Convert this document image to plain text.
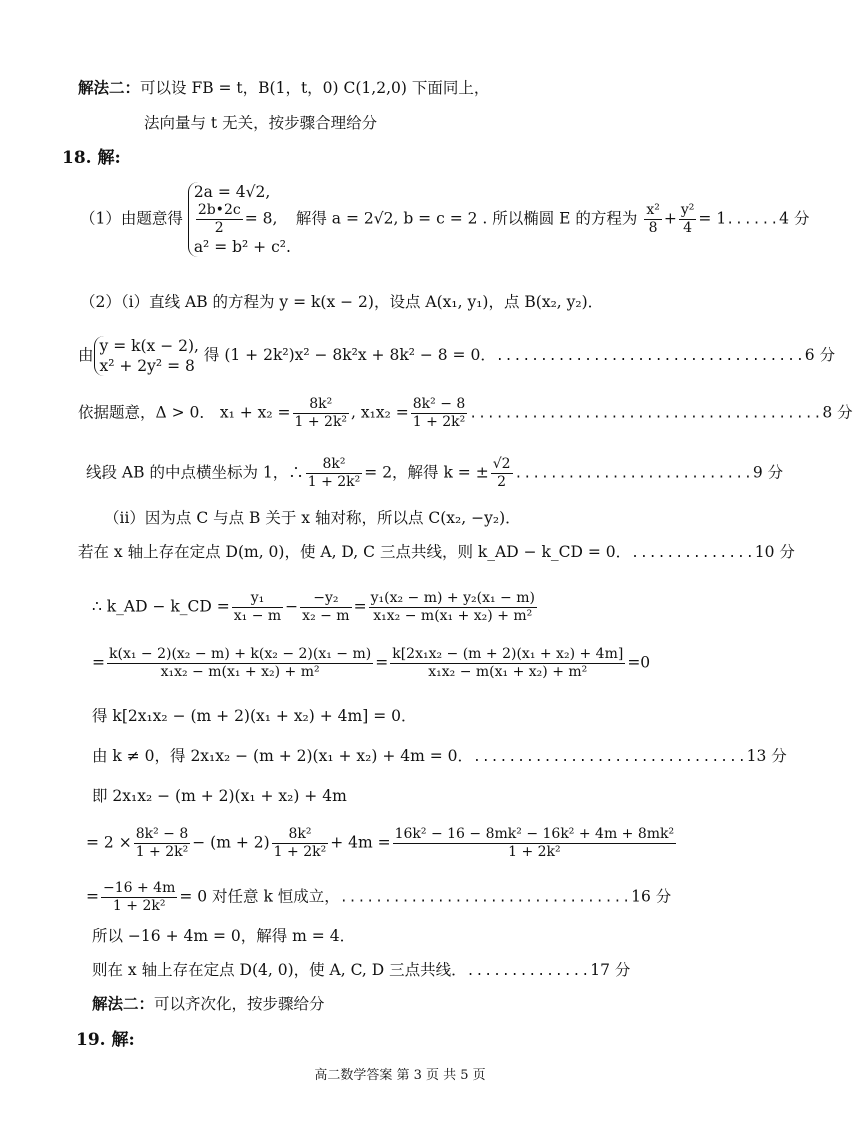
解法二：可以设 FB = t，B(1，t，0) C(1,2,0) 下面同上，
法向量与 t 无关，按步骤合理给分
18. 解:
（1）由题意得
2a = 4√2,
$\frac{2b•2c}{2} = 8$,
a² = b² + c².
解得 a = 2√2, b = c = 2 . 所以椭圆 E 的方程为 $\frac{\text{x²}}{8} + \frac{\text{y²}}{4} = 1......4$ 分
（2）（i）直线 AB 的方程为 y = k(x − 2)，设点 A(x₁, y₁)，点 B(x₂, y₂)．
由 y = k(x − 2),
x² + 2y² = 8
得 (1 + 2k²)x² − 8k²x + 8k² − 8 = 0．...................................6 分
依据题意，Δ > 0． $x_1 + x_2 = \frac{\text{8k²}}{\text{1 + 2k²}}$ , $x_1x_2 = \frac{\text{8k² − 8}}{\text{1 + 2k²}} ........................................8$ 分
线段 AB 的中点横坐标为 1，∴ $\frac{\text{8k²}}{\text{1 + 2k²}} = 2$，解得 k = ± $\frac{√2}{2} ...........................9$ 分
（ii）因为点 C 与点 B 关于 x 轴对称，所以点 C(x₂, −y₂)．
若在 x 轴上存在定点 D(m, 0)，使 A, D, C 三点共线，则 k_AD − k_CD = 0．..............10 分
∴ k_AD − k_CD = $\frac{\text{y₁}}{\text{x₁ − m}} - \frac{\text{−y₂}}{\text{x₂ − m}} = \frac{\text{y₁(x₂ − m) + y₂(x₁ − m)}}{\text{x₁x₂ − m(x₁ + x₂) + m²}}$
= $\frac{\text{k(x₁ − 2)(x₂ − m) + k(x₂ − 2)(x₁ − m)}}{\text{x₁x₂ − m(x₁ + x₂) + m²}} = \frac{\text{k[2x₁x₂ − (m + 2)(x₁ + x₂) + 4m]}}{\text{x₁x₂ − m(x₁ + x₂) + m²}} =0$
得 k[2x₁x₂ − (m + 2)(x₁ + x₂) + 4m] = 0．
由 k ≠ 0，得 2x₁x₂ − (m + 2)(x₁ + x₂) + 4m = 0．...............................13 分
即 2x₁x₂ − (m + 2)(x₁ + x₂) + 4m
= $2 \times \frac{\text{8k² − 8}}{\text{1 + 2k²}} - (m + 2) \frac{\text{8k²}}{\text{1 + 2k²}} + 4m = \frac{\text{16k² − 16 − 8mk² − 16k² + 4m + 8mk²}}{\text{1 + 2k²}}$
= $\frac{-16 + 4m}{\text{1 + 2k²}} = 0$ 对任意 k 恒成立，.................................16 分
所以 −16 + 4m = 0，解得 m = 4．
则在 x 轴上存在定点 D(4, 0)，使 A, C, D 三点共线．..............17 分
解法二：可以齐次化，按步骤给分
19. 解:
高二数学答案 第 3 页 共 5 页
